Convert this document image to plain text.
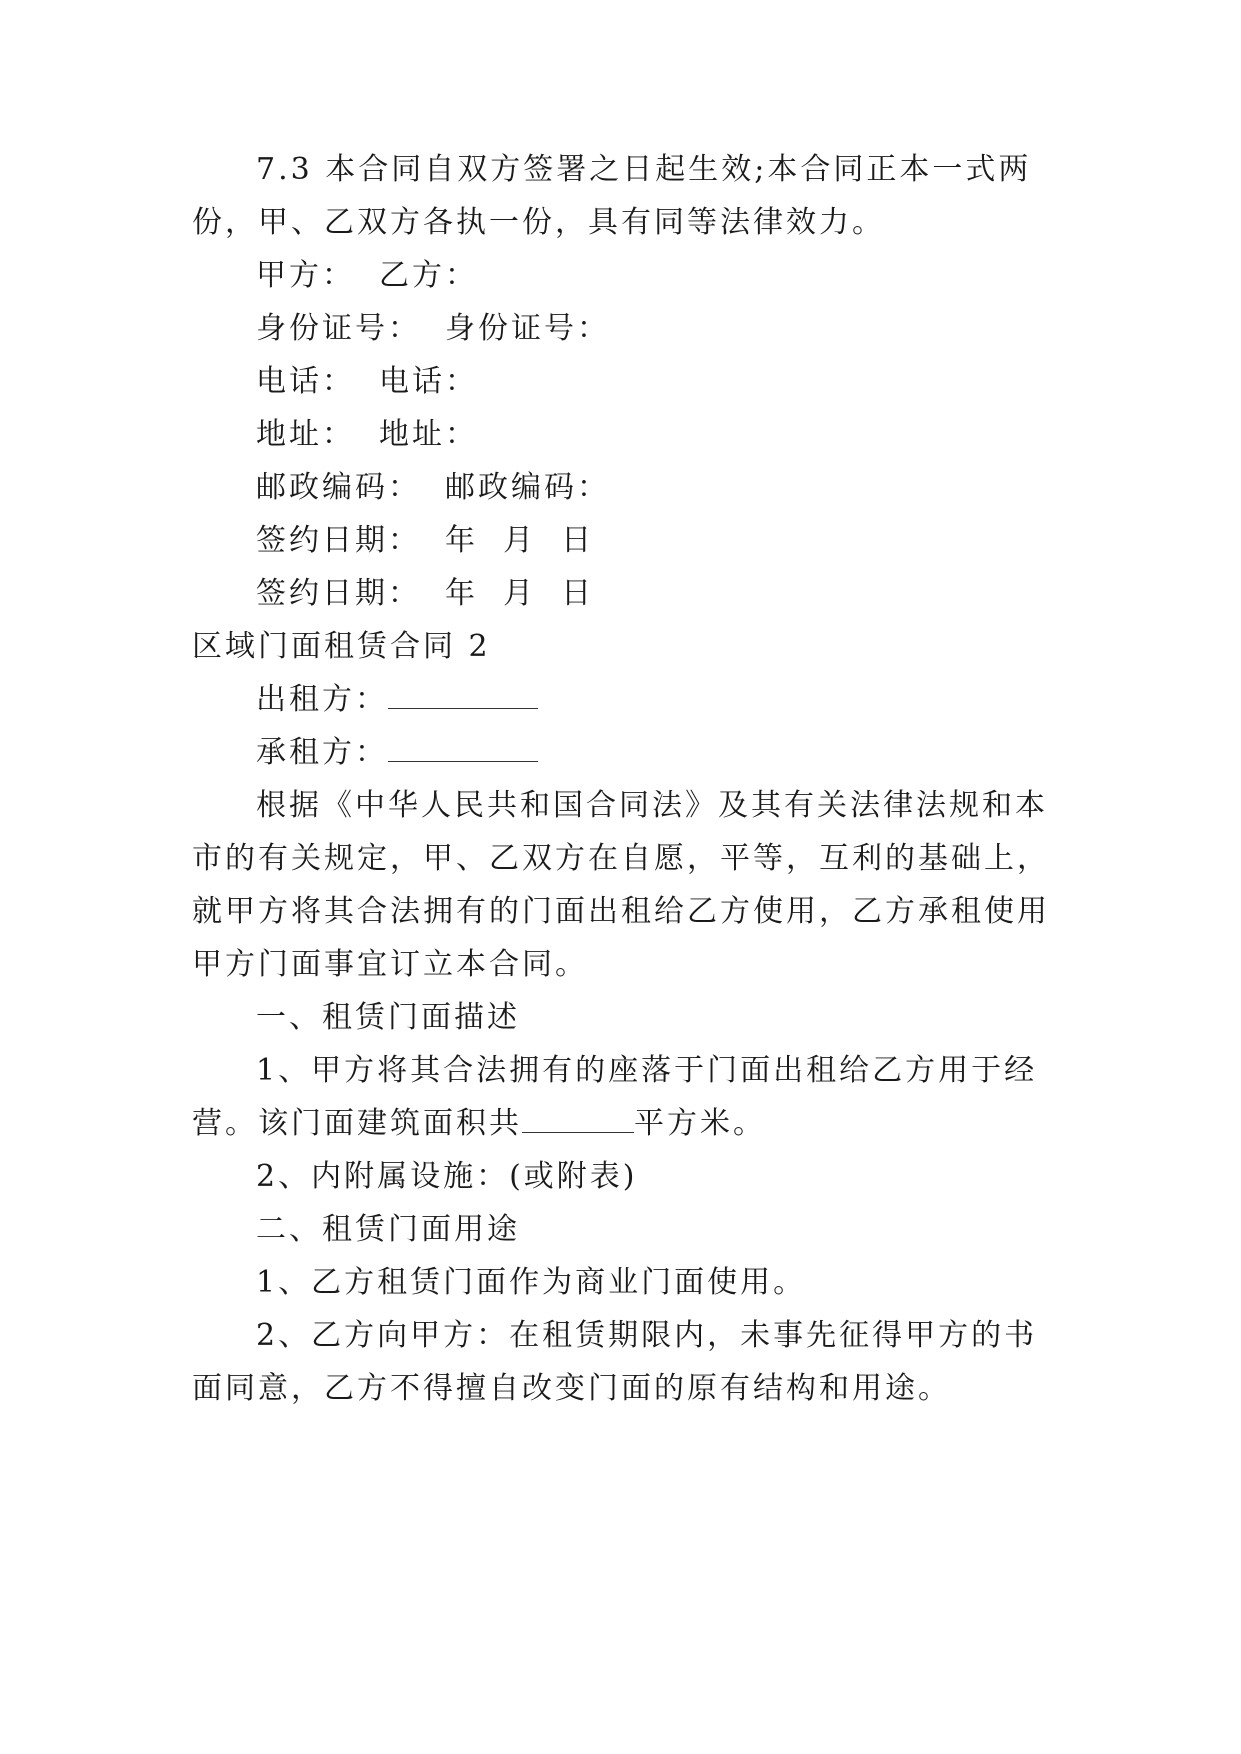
7.3 本合同自双方签署之日起生效;本合同正本一式两
份，甲、乙双方各执一份，具有同等法律效力。
甲方： 乙方：
身份证号： 身份证号：
电话： 电话：
地址： 地址：
邮政编码： 邮政编码：
签约日期： 年  月  日
签约日期： 年  月  日
区域门面租赁合同 2
出租方：
承租方：
根据《中华人民共和国合同法》及其有关法律法规和本
市的有关规定，甲、乙双方在自愿，平等，互利的基础上，
就甲方将其合法拥有的门面出租给乙方使用，乙方承租使用
甲方门面事宜订立本合同。
一、租赁门面描述
1、甲方将其合法拥有的座落于门面出租给乙方用于经
营。该门面建筑面积共	平方米。
2、内附属设施：(或附表)
二、租赁门面用途
1、乙方租赁门面作为商业门面使用。
2、乙方向甲方：在租赁期限内，未事先征得甲方的书
面同意，乙方不得擅自改变门面的原有结构和用途。
